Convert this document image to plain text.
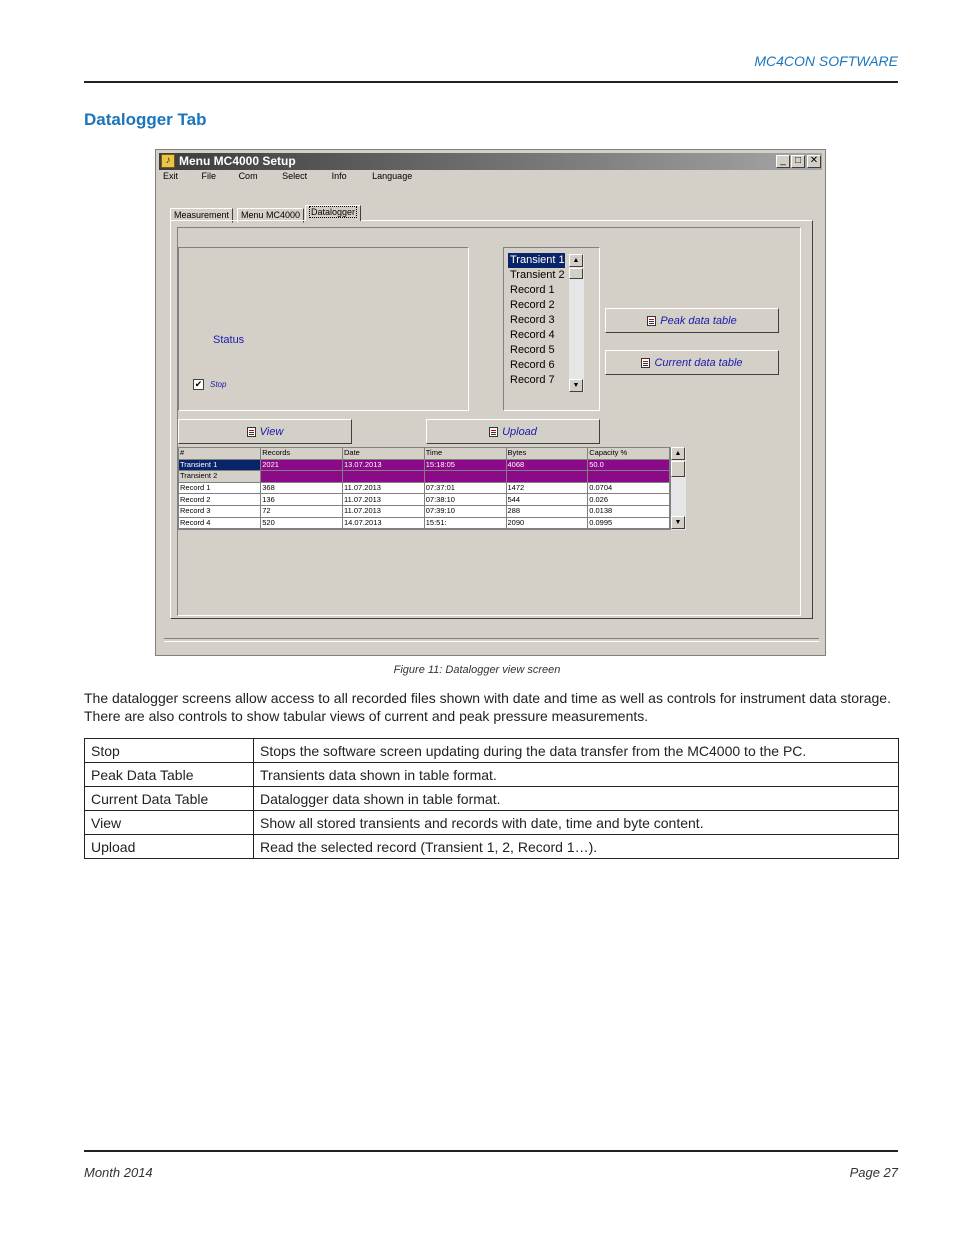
MC4CON SOFTWARE
Datalogger Tab
♪ Menu MC4000 Setup	_ □ ✕
Exit	File	Com	Select	Info	Language
Measurement	Menu MC4000	Datalogger
Status
✔ Stop
Transient 1
Transient 2
Record 1
Record 2
Record 3
Record 4
Record 5
Record 6
Record 7
▲
▼
Peak data table
Current data table
View	Upload
#	Records	Date	Time	Bytes	Capacity %
Transient 1	2021	13.07.2013	15:18:05	4068	50.0
Transient 2	1234	14.07.2013	09:12:33	2468	30.0
Record 1	368	11.07.2013	07:37:01	1472	0.0704
Record 2	136	11.07.2013	07:38:10	544	0.026
Record 3	72	11.07.2013	07:39:10	288	0.0138
Record 4	520	14.07.2013	15:51:	2090	0.0995
▲
▼
Figure 11: Datalogger view screen
The datalogger screens allow access to all recorded files shown with date and time as well as controls for instrument data storage. There are also controls to show tabular views of current and peak pressure measurements.
Stop	Stops the software screen updating during the data transfer from the MC4000 to the PC.
Peak Data Table	Transients data shown in table format.
Current Data Table	Datalogger data shown in table format.
View	Show all stored transients and records with date, time and byte content.
Upload	Read the selected record (Transient 1, 2, Record 1…).
Month 2014	Page 27
